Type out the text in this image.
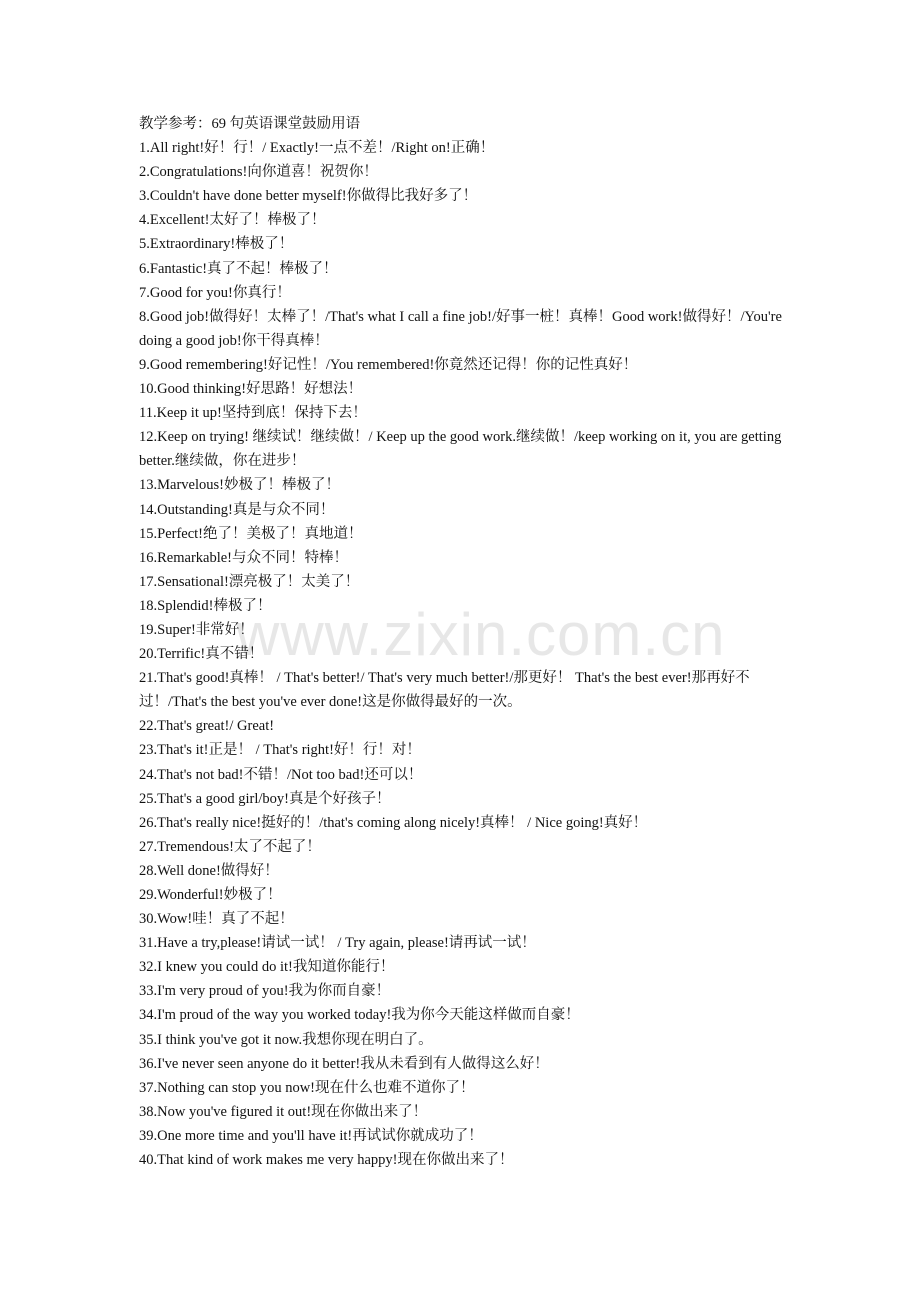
www.zixin.com.cn
教学参考：69 句英语课堂鼓励用语
1.All right!好！行！/ Exactly!一点不差！/Right on!正确！
2.Congratulations!向你道喜！祝贺你！
3.Couldn't have done better myself!你做得比我好多了！
4.Excellent!太好了！棒极了！
5.Extraordinary!棒极了！
6.Fantastic!真了不起！棒极了！
7.Good for you!你真行！
8.Good job!做得好！太棒了！/That's what I call a fine job!/好事一桩！真棒！Good work!做得好！/You're doing a good job!你干得真棒！
9.Good remembering!好记性！/You remembered!你竟然还记得！你的记性真好！
10.Good thinking!好思路！好想法！
11.Keep it up!坚持到底！保持下去！
12.Keep on trying! 继续试！继续做！/ Keep up the good work.继续做！/keep working on it, you are getting better.继续做，你在进步！
13.Marvelous!妙极了！棒极了！
14.Outstanding!真是与众不同！
15.Perfect!绝了！美极了！真地道！
16.Remarkable!与众不同！特棒！
17.Sensational!漂亮极了！太美了！
18.Splendid!棒极了！
19.Super!非常好！
20.Terrific!真不错！
21.That's good!真棒！ / That's better!/ That's very much better!/那更好！ That's the best ever!那再好不过！/That's the best you've ever done!这是你做得最好的一次。
22.That's great!/ Great!
23.That's it!正是！ / That's right!好！行！对！
24.That's not bad!不错！/Not too bad!还可以！
25.That's a good girl/boy!真是个好孩子！
26.That's really nice!挺好的！/that's coming along nicely!真棒！ / Nice going!真好！
27.Tremendous!太了不起了！
28.Well done!做得好！
29.Wonderful!妙极了！
30.Wow!哇！真了不起！
31.Have a try,please!请试一试！ / Try again, please!请再试一试！
32.I knew you could do it!我知道你能行！
33.I'm very proud of you!我为你而自豪！
34.I'm proud of the way you worked today!我为你今天能这样做而自豪！
35.I think you've got it now.我想你现在明白了。
36.I've never seen anyone do it better!我从未看到有人做得这么好！
37.Nothing can stop you now!现在什么也难不道你了！
38.Now you've figured it out!现在你做出来了！
39.One more time and you'll have it!再试试你就成功了！
40.That kind of work makes me very happy!现在你做出来了！
